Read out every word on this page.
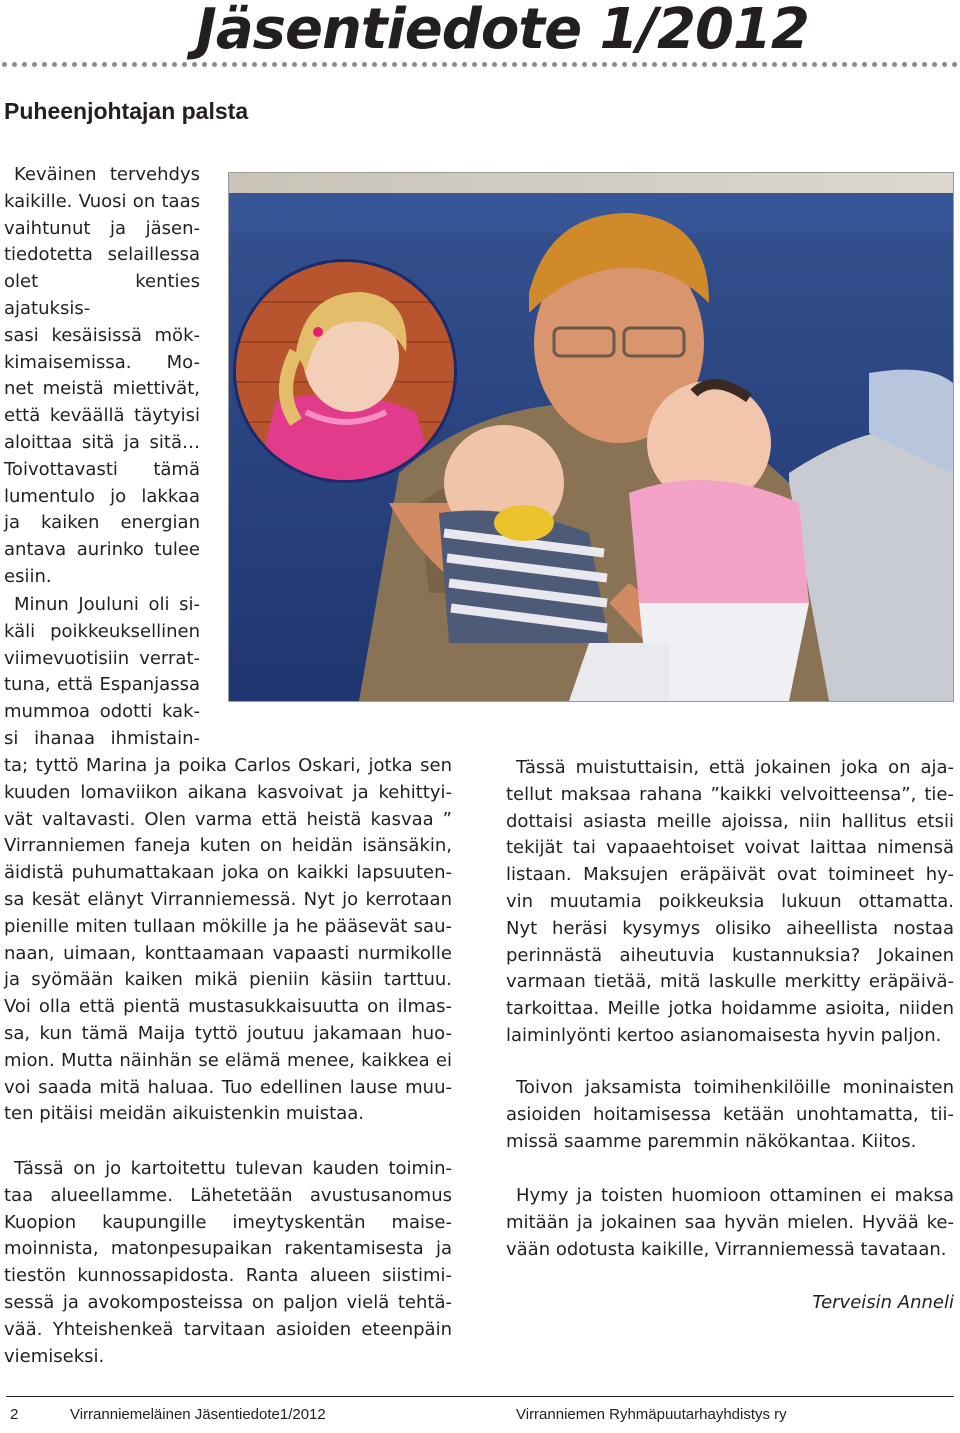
Jäsentiedote 1/2012
Puheenjohtajan palsta
Keväinen tervehdys
kaikille. Vuosi on taas
vaihtunut ja jäsen-
tiedotetta selaillessa
olet kenties ajatuksis-
sasi kesäisissä mök-
kimaisemissa. Mo-
net meistä miettivät,
että keväällä täytyisi
aloittaa sitä ja sitä…
Toivottavasti tämä
lumentulo jo lakkaa
ja kaiken energian
antava aurinko tulee
esiin.
Minun Jouluni oli si-
käli poikkeuksellinen
viimevuotisiin verrat-
tuna, että Espanjassa
mummoa odotti kak-
si ihanaa ihmistain-
ta; tyttö Marina ja poika Carlos Oskari, jotka sen
kuuden lomaviikon aikana kasvoivat ja kehittyi-
vät valtavasti. Olen varma että heistä kasvaa ”
Virranniemen faneja kuten on heidän isänsäkin,
äidistä puhumattakaan joka on kaikki lapsuuten-
sa kesät elänyt Virranniemessä. Nyt jo kerrotaan
pienille miten tullaan mökille ja he pääsevät sau-
naan, uimaan, konttaamaan vapaasti nurmikolle
ja syömään kaiken mikä pieniin käsiin tarttuu.
Voi olla että pientä mustasukkaisuutta on ilmas-
sa, kun tämä Maija tyttö joutuu jakamaan huo-
mion. Mutta näinhän se elämä menee, kaikkea ei
voi saada mitä haluaa. Tuo edellinen lause muu-
ten pitäisi meidän aikuistenkin muistaa.
Tässä on jo kartoitettu tulevan kauden toimin-
taa alueellamme. Lähetetään avustusanomus
Kuopion kaupungille imeytyskentän maise-
moinnista, matonpesupaikan rakentamisesta ja
tiestön kunnossapidosta. Ranta alueen siistimi-
sessä ja avokomposteissa on paljon vielä tehtä-
vää. Yhteishenkeä tarvitaan asioiden eteenpäin
viemiseksi.
Tässä muistuttaisin, että jokainen joka on aja-
tellut maksaa rahana ”kaikki velvoitteensa”, tie-
dottaisi asiasta meille ajoissa, niin hallitus etsii
tekijät tai vapaaehtoiset voivat laittaa nimensä
listaan. Maksujen eräpäivät ovat toimineet hy-
vin muutamia poikkeuksia lukuun ottamatta.
Nyt heräsi kysymys olisiko aiheellista nostaa
perinnästä aiheutuvia kustannuksia? Jokainen
varmaan tietää, mitä laskulle merkitty eräpäivä-
tarkoittaa. Meille jotka hoidamme asioita, niiden
laiminlyönti kertoo asianomaisesta hyvin paljon.
Toivon jaksamista toimihenkilöille moninaisten
asioiden hoitamisessa ketään unohtamatta, tii-
missä saamme paremmin näkökantaa. Kiitos.
Hymy ja toisten huomioon ottaminen ei maksa
mitään ja jokainen saa hyvän mielen. Hyvää ke-
vään odotusta kaikille, Virranniemessä tavataan.

Terveisin Anneli

2	Virranniemeläinen Jäsentiedote1/2012	Virranniemen Ryhmäpuutarhayhdistys ry
